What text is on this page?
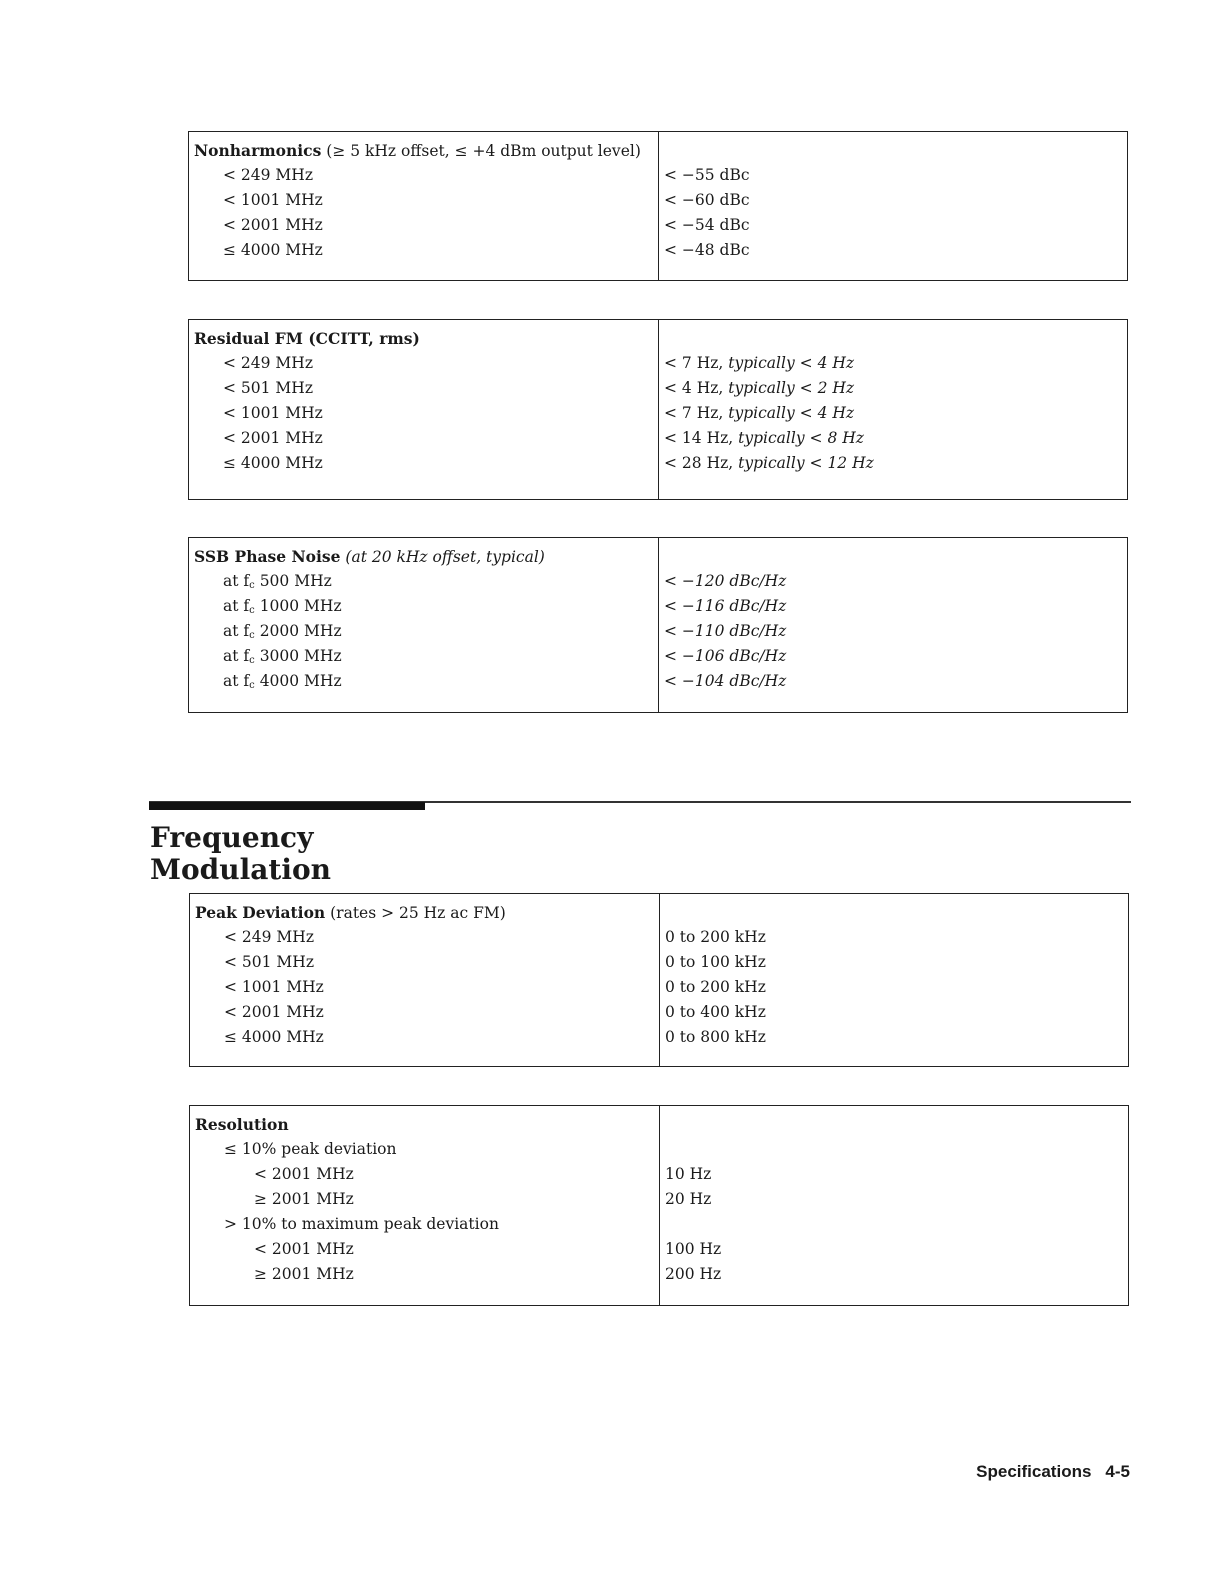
Nonharmonics (≥ 5 kHz offset, ≤ +4 dBm output level)
< 249 MHz
< 1001 MHz
< 2001 MHz
≤ 4000 MHz
< −55 dBc
< −60 dBc
< −54 dBc
< −48 dBc
Residual FM (CCITT, rms)
< 249 MHz
< 501 MHz
< 1001 MHz
< 2001 MHz
≤ 4000 MHz
< 7 Hz, typically < 4 Hz
< 4 Hz, typically < 2 Hz
< 7 Hz, typically < 4 Hz
< 14 Hz, typically < 8 Hz
< 28 Hz, typically < 12 Hz
SSB Phase Noise (at 20 kHz offset, typical)
at $f_c$ 500 MHz
at $f_c$ 1000 MHz
at $f_c$ 2000 MHz
at $f_c$ 3000 MHz
at $f_c$ 4000 MHz
< −120 dBc/Hz
< −116 dBc/Hz
< −110 dBc/Hz
< −106 dBc/Hz
< −104 dBc/Hz
Frequency
Modulation
Peak Deviation (rates > 25 Hz ac FM)
< 249 MHz
< 501 MHz
< 1001 MHz
< 2001 MHz
≤ 4000 MHz
0 to 200 kHz
0 to 100 kHz
0 to 200 kHz
0 to 400 kHz
0 to 800 kHz
Resolution
≤ 10% peak deviation
< 2001 MHz
≥ 2001 MHz
> 10% to maximum peak deviation
< 2001 MHz
≥ 2001 MHz
10 Hz
20 Hz
100 Hz
200 Hz
Specifications 4-5
